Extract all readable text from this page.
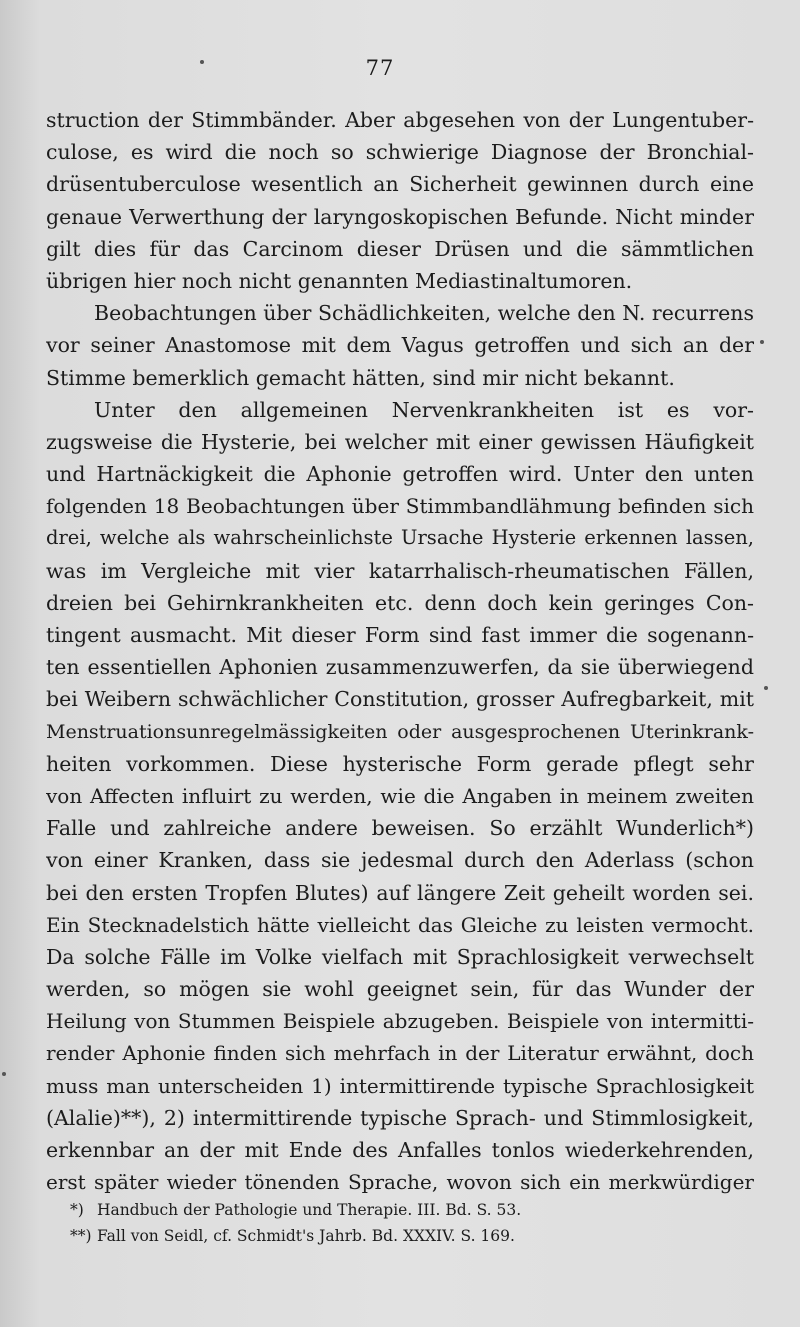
77
struction der Stimmbänder. Aber abgesehen von der Lungentuber-
culose, es wird die noch so schwierige Diagnose der Bronchial-
drüsentuberculose wesentlich an Sicherheit gewinnen durch eine
genaue Verwerthung der laryngoskopischen Befunde. Nicht minder
gilt dies für das Carcinom dieser Drüsen und die sämmtlichen
übrigen hier noch nicht genannten Mediastinaltumoren.
Beobachtungen über Schädlichkeiten, welche den N. recurrens
vor seiner Anastomose mit dem Vagus getroffen und sich an der
Stimme bemerklich gemacht hätten, sind mir nicht bekannt.
Unter den allgemeinen Nervenkrankheiten ist es vor-
zugsweise die Hysterie, bei welcher mit einer gewissen Häufigkeit
und Hartnäckigkeit die Aphonie getroffen wird. Unter den unten
folgenden 18 Beobachtungen über Stimmbandlähmung befinden sich
drei, welche als wahrscheinlichste Ursache Hysterie erkennen lassen,
was im Vergleiche mit vier katarrhalisch-rheumatischen Fällen,
dreien bei Gehirnkrankheiten etc. denn doch kein geringes Con-
tingent ausmacht. Mit dieser Form sind fast immer die sogenann-
ten essentiellen Aphonien zusammenzuwerfen, da sie überwiegend
bei Weibern schwächlicher Constitution, grosser Aufregbarkeit, mit
Menstruationsunregelmässigkeiten oder ausgesprochenen Uterinkrank-
heiten vorkommen. Diese hysterische Form gerade pflegt sehr
von Affecten influirt zu werden, wie die Angaben in meinem zweiten
Falle und zahlreiche andere beweisen. So erzählt Wunderlich*)
von einer Kranken, dass sie jedesmal durch den Aderlass (schon
bei den ersten Tropfen Blutes) auf längere Zeit geheilt worden sei.
Ein Stecknadelstich hätte vielleicht das Gleiche zu leisten vermocht.
Da solche Fälle im Volke vielfach mit Sprachlosigkeit verwechselt
werden, so mögen sie wohl geeignet sein, für das Wunder der
Heilung von Stummen Beispiele abzugeben. Beispiele von intermitti-
render Aphonie finden sich mehrfach in der Literatur erwähnt, doch
muss man unterscheiden 1) intermittirende typische Sprachlosigkeit
(Alalie)**), 2) intermittirende typische Sprach- und Stimmlosigkeit,
erkennbar an der mit Ende des Anfalles tonlos wiederkehrenden,
erst später wieder tönenden Sprache, wovon sich ein merkwürdiger
*) Handbuch der Pathologie und Therapie. III. Bd. S. 53.
**) Fall von Seidl, cf. Schmidt's Jahrb. Bd. XXXIV. S. 169.
